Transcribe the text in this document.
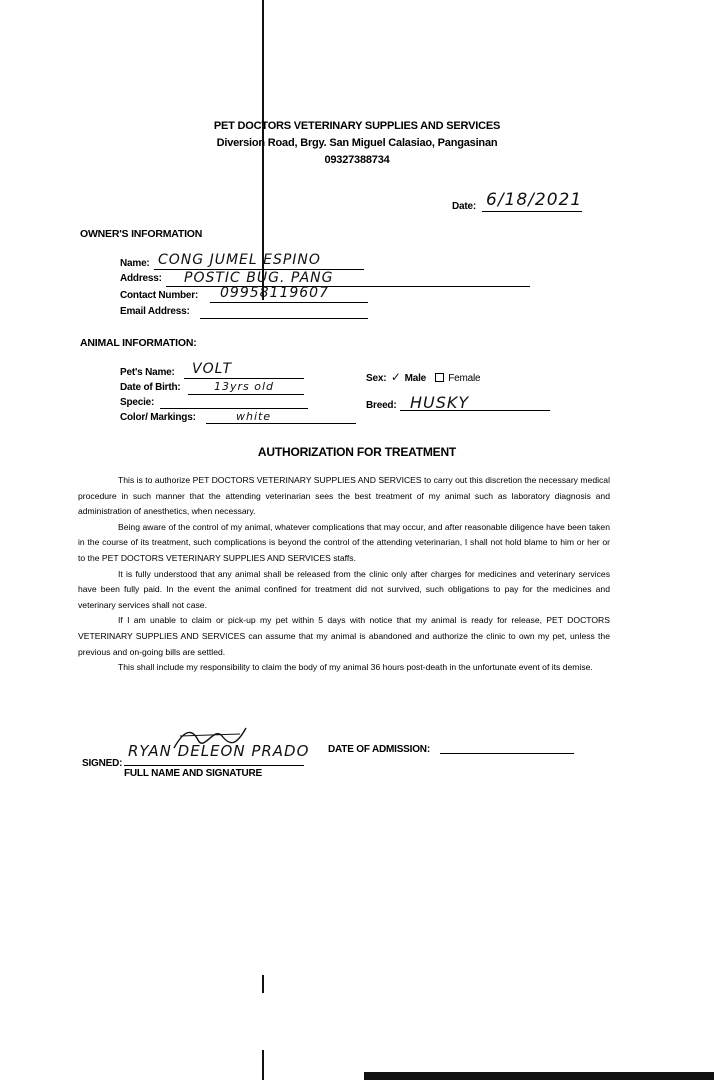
PET DOCTORS VETERINARY SUPPLIES AND SERVICES
Diversion Road, Brgy. San Miguel Calasiao, Pangasinan
09327388734
Date: 6/18/2021
OWNER'S INFORMATION
Name: CONG JUMEL ESPINO
Address: POSTIC BUG. PANG
Contact Number: 09958119607
Email Address:
ANIMAL INFORMATION:
Pet's Name: VOLT
Date of Birth:	13yrs old
Specie:
Color/ Markings:	white
Sex: ✓ Male Female
Breed: HUSKY
AUTHORIZATION FOR TREATMENT

This is to authorize PET DOCTORS VETERINARY SUPPLIES AND SERVICES to carry out this discretion the necessary medical procedure in such manner that the attending veterinarian sees the best treatment of my animal such as laboratory diagnosis and administration of anesthetics, when necessary.

Being aware of the control of my animal, whatever complications that may occur, and after reasonable diligence have been taken in the course of its treatment, such complications is beyond the control of the attending veterinarian, I shall not hold blame to him or her or to the PET DOCTORS VETERINARY SUPPLIES AND SERVICES staffs.

It is fully understood that any animal shall be released from the clinic only after charges for medicines and veterinary services have been fully paid. In the event the animal confined for treatment did not survived, such obligations to pay for the medicines and veterinary services shall not case.

If I am unable to claim or pick-up my pet within 5 days with notice that my animal is ready for release, PET DOCTORS VETERINARY SUPPLIES AND SERVICES can assume that my animal is abandoned and authorize the clinic to own my pet, unless the previous and on-going bills are settled.

This shall include my responsibility to claim the body of my animal 36 hours post-death in the unfortunate event of its demise.

SIGNED:
RYAN DELEON PRADO
FULL NAME AND SIGNATURE
DATE OF ADMISSION:
